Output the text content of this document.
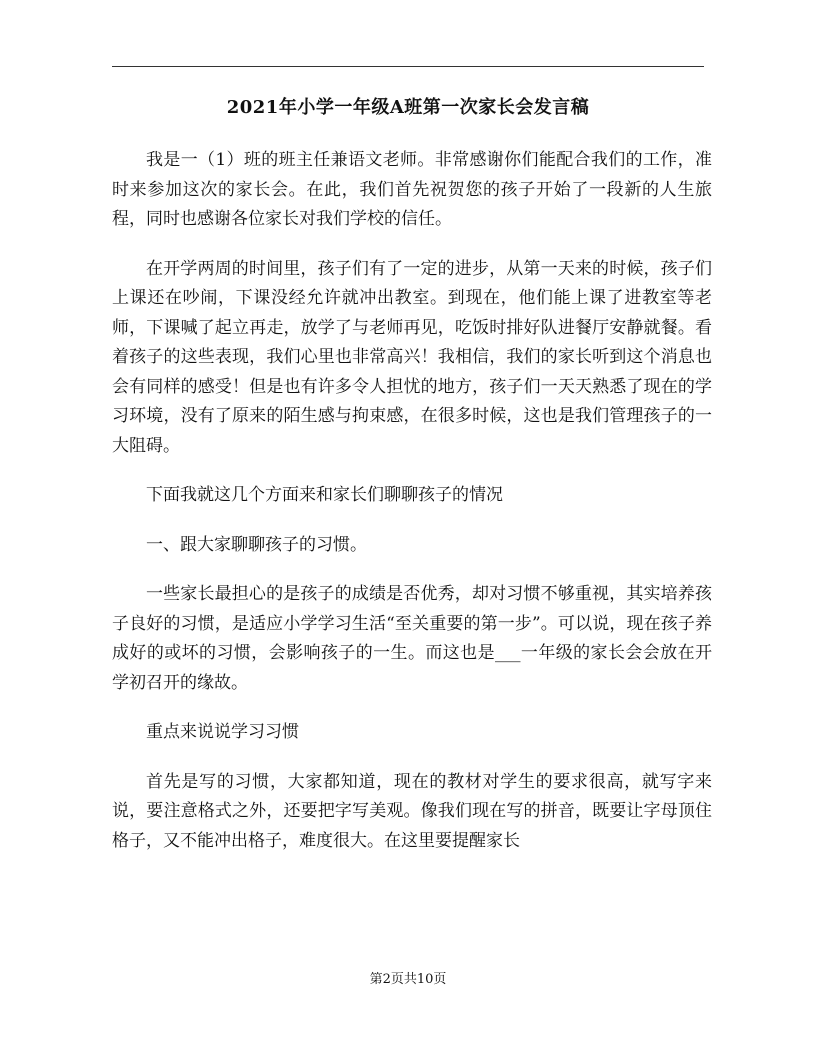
2021年小学一年级A班第一次家长会发言稿

我是一（1）班的班主任兼语文老师。非常感谢你们能配合我们的工作，准时来参加这次的家长会。在此，我们首先祝贺您的孩子开始了一段新的人生旅程，同时也感谢各位家长对我们学校的信任。

在开学两周的时间里，孩子们有了一定的进步，从第一天来的时候，孩子们上课还在吵闹，下课没经允许就冲出教室。到现在，他们能上课了进教室等老师，下课喊了起立再走，放学了与老师再见，吃饭时排好队进餐厅安静就餐。看着孩子的这些表现，我们心里也非常高兴！我相信，我们的家长听到这个消息也会有同样的感受！但是也有许多令人担忧的地方，孩子们一天天熟悉了现在的学习环境，没有了原来的陌生感与拘束感，在很多时候，这也是我们管理孩子的一大阻碍。

下面我就这几个方面来和家长们聊聊孩子的情况

一、跟大家聊聊孩子的习惯。

一些家长最担心的是孩子的成绩是否优秀，却对习惯不够重视，其实培养孩子良好的习惯，是适应小学学习生活“至关重要的第一步”。可以说，现在孩子养成好的或坏的习惯，会影响孩子的一生。而这也是___一年级的家长会会放在开学初召开的缘故。

重点来说说学习习惯

首先是写的习惯，大家都知道，现在的教材对学生的要求很高，就写字来说，要注意格式之外，还要把字写美观。像我们现在写的拼音，既要让字母顶住格子，又不能冲出格子，难度很大。在这里要提醒家长

第2页共10页
